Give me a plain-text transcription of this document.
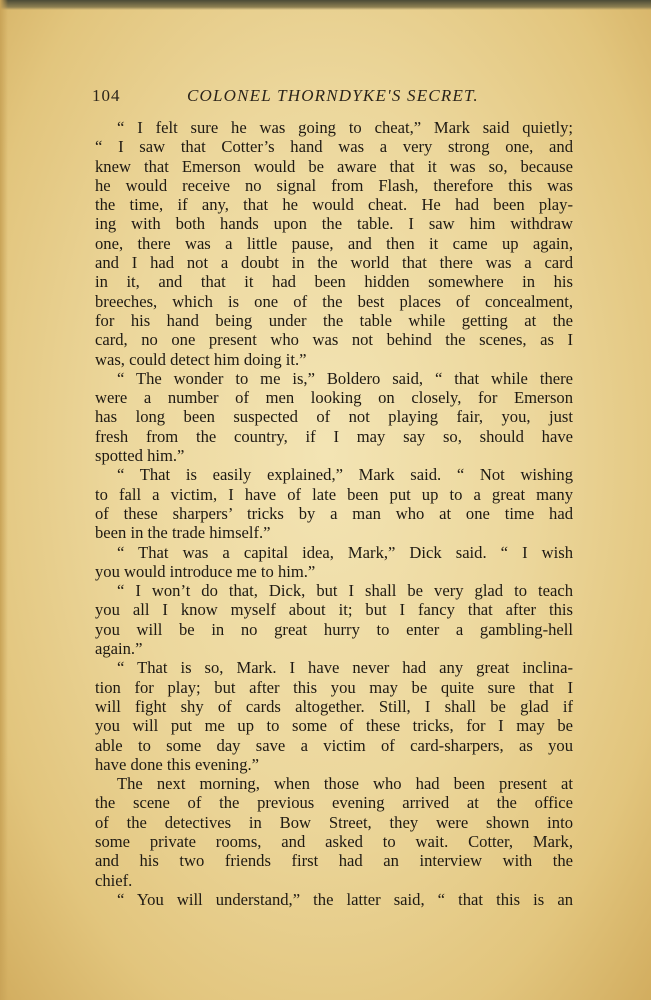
104	COLONEL THORNDYKE'S SECRET.
“ I felt sure he was going to cheat,” Mark said quietly;
“ I saw that Cotter’s hand was a very strong one, and
knew that Emerson would be aware that it was so, because
he would receive no signal from Flash, therefore this was
the time, if any, that he would cheat. He had been play-
ing with both hands upon the table. I saw him withdraw
one, there was a little pause, and then it came up again,
and I had not a doubt in the world that there was a card
in it, and that it had been hidden somewhere in his
breeches, which is one of the best places of concealment,
for his hand being under the table while getting at the
card, no one present who was not behind the scenes, as I
was, could detect him doing it.”
“ The wonder to me is,” Boldero said, “ that while there
were a number of men looking on closely, for Emerson
has long been suspected of not playing fair, you, just
fresh from the country, if I may say so, should have
spotted him.”
“ That is easily explained,” Mark said. “ Not wishing
to fall a victim, I have of late been put up to a great many
of these sharpers’ tricks by a man who at one time had
been in the trade himself.”
“ That was a capital idea, Mark,” Dick said. “ I wish
you would introduce me to him.”
“ I won’t do that, Dick, but I shall be very glad to teach
you all I know myself about it; but I fancy that after this
you will be in no great hurry to enter a gambling-hell
again.”
“ That is so, Mark. I have never had any great inclina-
tion for play; but after this you may be quite sure that I
will fight shy of cards altogether. Still, I shall be glad if
you will put me up to some of these tricks, for I may be
able to some day save a victim of card-sharpers, as you
have done this evening.”
The next morning, when those who had been present at
the scene of the previous evening arrived at the office
of the detectives in Bow Street, they were shown into
some private rooms, and asked to wait. Cotter, Mark,
and his two friends first had an interview with the
chief.
“ You will understand,” the latter said, “ that this is an
